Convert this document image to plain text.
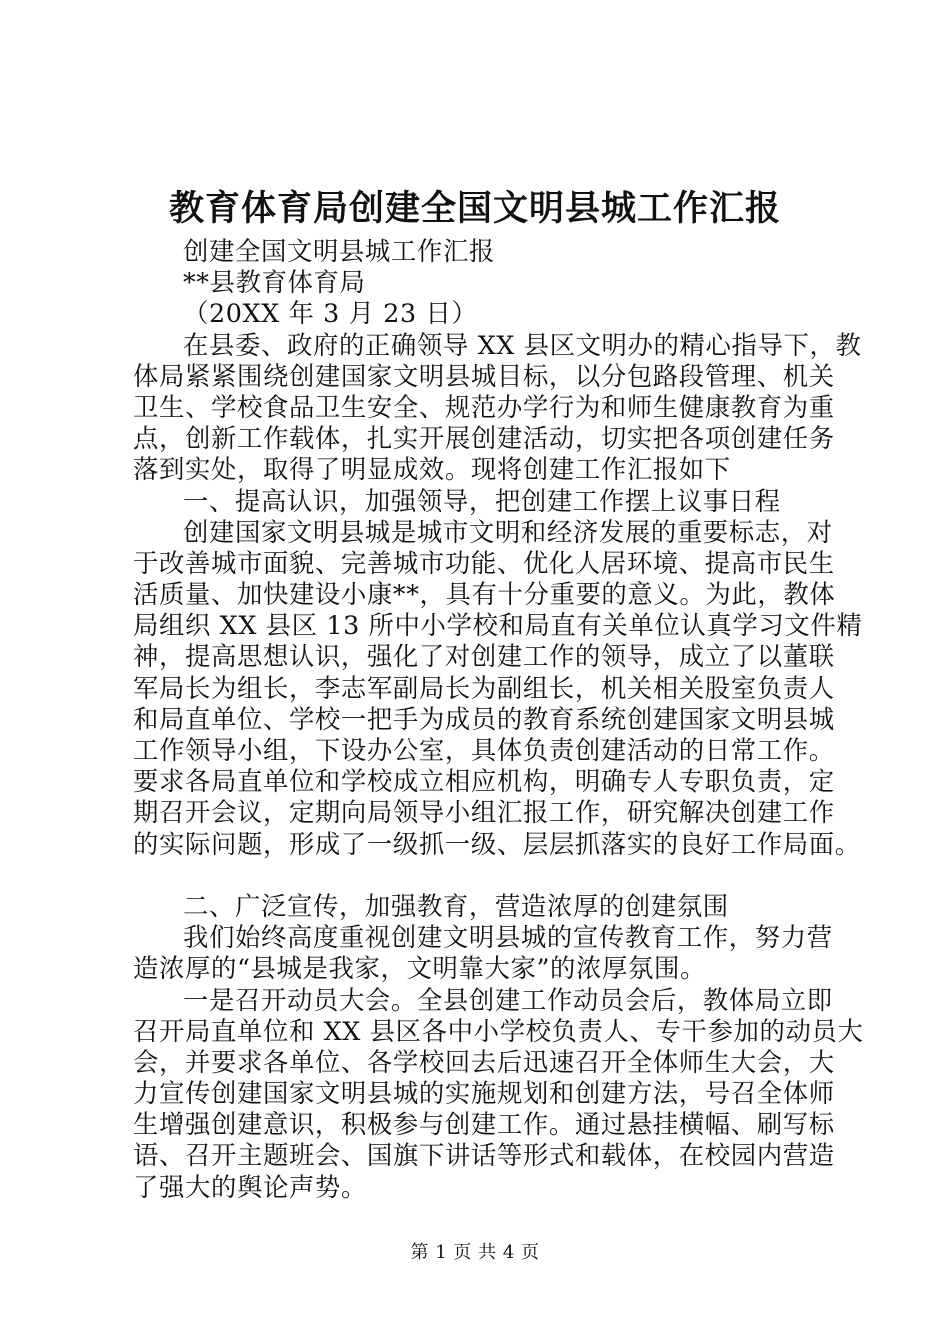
教育体育局创建全国文明县城工作汇报
创建全国文明县城工作汇报
**县教育体育局
（20XX 年 3 月 23 日）
在县委、政府的正确领导 XX 县区文明办的精心指导下，教
体局紧紧围绕创建国家文明县城目标，以分包路段管理、机关
卫生、学校食品卫生安全、规范办学行为和师生健康教育为重
点，创新工作载体，扎实开展创建活动，切实把各项创建任务
落到实处，取得了明显成效。现将创建工作汇报如下
一、提高认识，加强领导，把创建工作摆上议事日程
创建国家文明县城是城市文明和经济发展的重要标志，对
于改善城市面貌、完善城市功能、优化人居环境、提高市民生
活质量、加快建设小康**，具有十分重要的意义。为此，教体
局组织 XX 县区 13 所中小学校和局直有关单位认真学习文件精
神，提高思想认识，强化了对创建工作的领导，成立了以董联
军局长为组长，李志军副局长为副组长，机关相关股室负责人
和局直单位、学校一把手为成员的教育系统创建国家文明县城
工作领导小组，下设办公室，具体负责创建活动的日常工作。
要求各局直单位和学校成立相应机构，明确专人专职负责，定
期召开会议，定期向局领导小组汇报工作，研究解决创建工作
的实际问题，形成了一级抓一级、层层抓落实的良好工作局面。
二、广泛宣传，加强教育，营造浓厚的创建氛围
我们始终高度重视创建文明县城的宣传教育工作，努力营
造浓厚的“县城是我家，文明靠大家”的浓厚氛围。
一是召开动员大会。全县创建工作动员会后，教体局立即
召开局直单位和 XX 县区各中小学校负责人、专干参加的动员大
会，并要求各单位、各学校回去后迅速召开全体师生大会，大
力宣传创建国家文明县城的实施规划和创建方法，号召全体师
生增强创建意识，积极参与创建工作。通过悬挂横幅、刷写标
语、召开主题班会、国旗下讲话等形式和载体，在校园内营造
了强大的舆论声势。
第 1 页 共 4 页
